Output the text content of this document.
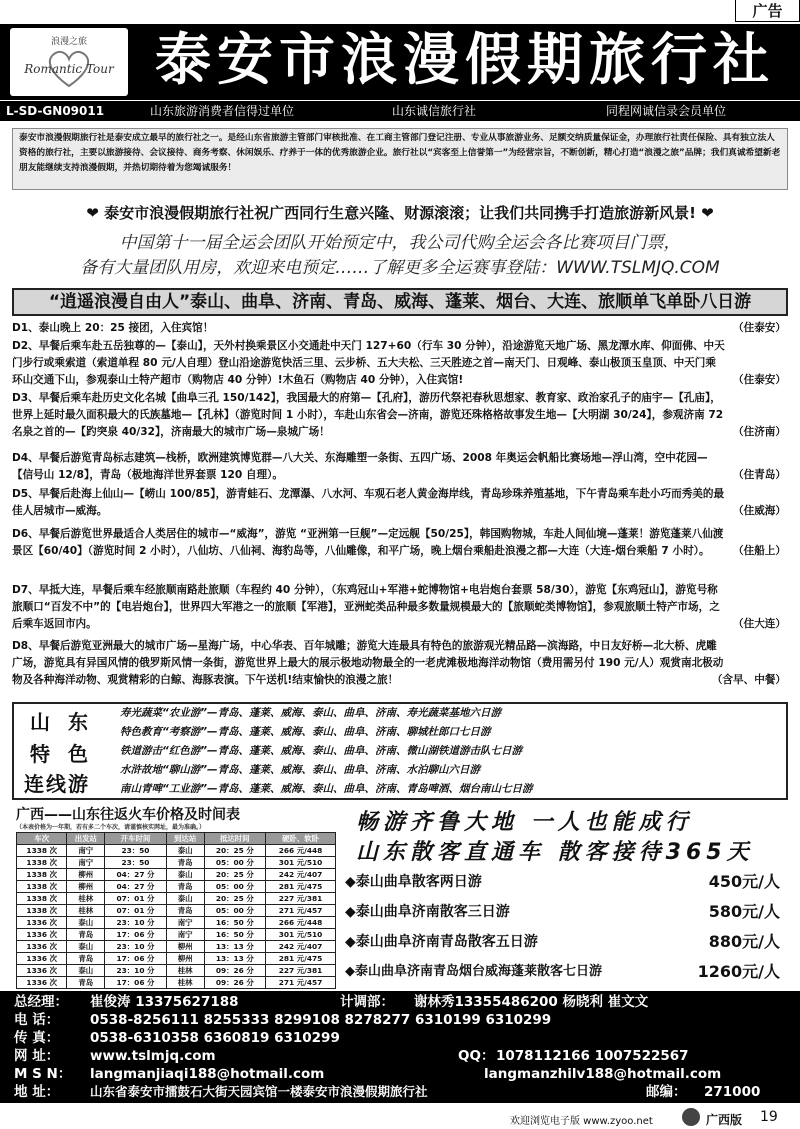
广告
浪漫之旅
Romantic Tour 泰安市浪漫假期旅行社
L-SD-GN09011	山东旅游消费者信得过单位	山东诚信旅行社	同程网诚信录会员单位
泰安市浪漫假期旅行社是泰安成立最早的旅行社之一。是经山东省旅游主管部门审核批准、在工商主管部门登记注册、专业从事旅游业务、足额交纳质量保证金，办理旅行社责任保险、具有独立法人资格的旅行社，主要以旅游接待、会议接待、商务考察、休闲娱乐、疗养于一体的优秀旅游企业。旅行社以“宾客至上信誉第一”为经营宗旨，不断创新，精心打造“浪漫之旅”品牌；我们真诚希望新老朋友能继续支持浪漫假期，并热切期待着为您竭诚服务！
❤ 泰安市浪漫假期旅行社祝广西同行生意兴隆、财源滚滚；让我们共同携手打造旅游新风景! ❤
中国第十一届全运会团队开始预定中，我公司代购全运会各比赛项目门票，
备有大量团队用房，欢迎来电预定……了解更多全运赛事登陆：WWW.TSLMJQ.COM
“逍遥浪漫自由人”泰山、曲阜、济南、青岛、威海、蓬莱、烟台、大连、旅顺单飞单卧八日游

D1、泰山晚上 20：25 接团，入住宾馆！	（住泰安）

D2、早餐后乘车赴五岳独尊的—【泰山】，天外村换乘景区小交通赴中天门 127+60（行车 30 分钟），沿途游览天地广场、黑龙潭水库、仰面佛、中天门步行或乘索道（索道单程 80 元/人自理）登山沿途游览快活三里、云步桥、五大夫松、三天胜迹之首—南天门、日观峰、泰山极顶玉皇顶、中天门乘环山交通下山，参观泰山土特产超市（购物店 40 分钟）!木鱼石（购物店 40 分钟），入住宾馆!	（住泰安）

D3、早餐后乘车赴历史文化名城【曲阜三孔 150/142】，我国最大的府第—【孔府】，游历代祭祀春秋思想家、教育家、政治家孔子的庙宇—【孔庙】，世界上延时最久面积最大的氏族墓地—【孔林】（游览时间 1 小时），车赴山东省会—济南，游览还珠格格故事发生地—【大明湖 30/24】，参观济南 72 名泉之首的—【趵突泉 40/32】，济南最大的城市广场—泉城广场！	（住济南）

D4、早餐后游览青岛标志建筑—栈桥，欧洲建筑博览群—八大关、东海雕塑一条街、五四广场、2008 年奥运会帆船比赛场地—浮山湾，空中花园—【信号山 12/8】，青岛（极地海洋世界套票 120 自理）。	（住青岛）

D5、早餐后赴海上仙山—【崂山 100/85】，游青蛙石、龙潭瀑、八水河、车观石老人黄金海岸线，青岛珍珠养殖基地，下午青岛乘车赴小巧而秀美的最佳人居城市—威海。	（住威海）

D6、早餐后游览世界最适合人类居住的城市—“威海”，游览 “亚洲第一巨舰”—定远舰【50/25】，韩国购物城，车赴人间仙境—蓬莱！游览蓬莱八仙渡景区【60/40】（游览时间 2 小时），八仙坊、八仙祠、海豹岛等，八仙雕像，和平广场，晚上烟台乘船赴浪漫之都—大连（大连-烟台乘船 7 小时）。	（住船上）

D7、早抵大连，早餐后乘车经旅顺南路赴旅顺（车程约 40 分钟），（东鸡冠山+军港+蛇博物馆+电岩炮台套票 58/30），游览【东鸡冠山】，游览号称旅顺口“百发不中”的【电岩炮台】，世界四大军港之一的旅顺【军港】，亚洲蛇类品种最多数量规模最大的【旅顺蛇类博物馆】，参观旅顺土特产市场，之后乘车返回市内。	（住大连）

D8、早餐后游览亚洲最大的城市广场—星海广场，中心华表、百年城雕；游览大连最具有特色的旅游观光精品路—滨海路，中日友好桥—北大桥、虎雕广场，游览具有异国风情的俄罗斯风情一条街，游览世界上最大的展示极地动物最全的一老虎滩极地海洋动物馆（费用需另付 190 元/人）观赏南北极动物及各种海洋动物、观赏精彩的白鲸、海豚表演。下午送机!结束愉快的浪漫之旅！	（含早、中餐）
山东
特色
连线游
寿光蔬菜“农业游”—青岛、蓬莱、威海、泰山、曲阜、济南、寿光蔬菜基地六日游
特色教育“考察游”—青岛、蓬莱、威海、泰山、曲阜、济南、聊城杜郎口七日游
铁道游击“红色游”—青岛、蓬莱、威海、泰山、曲阜、济南、微山湖铁道游击队七日游
水浒故地“聊山游”—青岛、蓬莱、威海、泰山、曲阜、济南、水泊聊山六日游
南山青啤“工业游”—青岛、蓬莱、威海、泰山、曲阜、济南、青岛啤酒、烟台南山七日游
广西——山东往返火车价格及时间表
（本表价格为一年期，若有多二个车次，请谨慎核实网址，最为准确。）
车次	出发站	开车时间	到达站	抵达时间	硬卧、软卧
1338 次	南宁	23：50	泰山	20：25 分	266 元/448
1338 次	南宁	23：50	青岛	05：00 分	301 元/510
1338 次	柳州	04：27 分	泰山	20：25 分	242 元/407
1338 次	柳州	04：27 分	青岛	05：00 分	281 元/475
1338 次	桂林	07：01 分	泰山	20：25 分	227 元/381
1338 次	桂林	07：01 分	青岛	05：00 分	271 元/457
1336 次	泰山	23：10 分	南宁	16：50 分	266 元/448
1336 次	青岛	17：06 分	南宁	16：50 分	301 元/510
1336 次	泰山	23：10 分	柳州	13：13 分	242 元/407
1336 次	青岛	17：06 分	柳州	13：13 分	281 元/475
1336 次	泰山	23：10 分	桂林	09：26 分	227 元/381
1336 次	青岛	17：06 分	桂林	09：26 分	271 元/457
畅游齐鲁大地 一人也能成行
山东散客直通车 散客接待365天
◆泰山曲阜散客两日游	450元/人
◆泰山曲阜济南散客三日游	580元/人
◆泰山曲阜济南青岛散客五日游	880元/人
◆泰山曲阜济南青岛烟台威海蓬莱散客七日游	1260元/人
总经理： 崔俊涛 13375627188	计调部： 谢林秀13355486200 杨晓利 崔文文
电 话： 0538-8256111 8255333 8299108 8278277 6310199 6310299
传 真： 0538-6310358 6360819 6310299
网 址： www.tslmjq.com	QQ： 1078112166 1007522567
M S N： langmanjiaqi188@hotmail.com	langmanzhilv188@hotmail.com
地 址： 山东省泰安市擂鼓石大街天园宾馆一楼泰安市浪漫假期旅行社	邮编： 271000
欢迎浏览电子版 www.zyoo.net	广西版 19
